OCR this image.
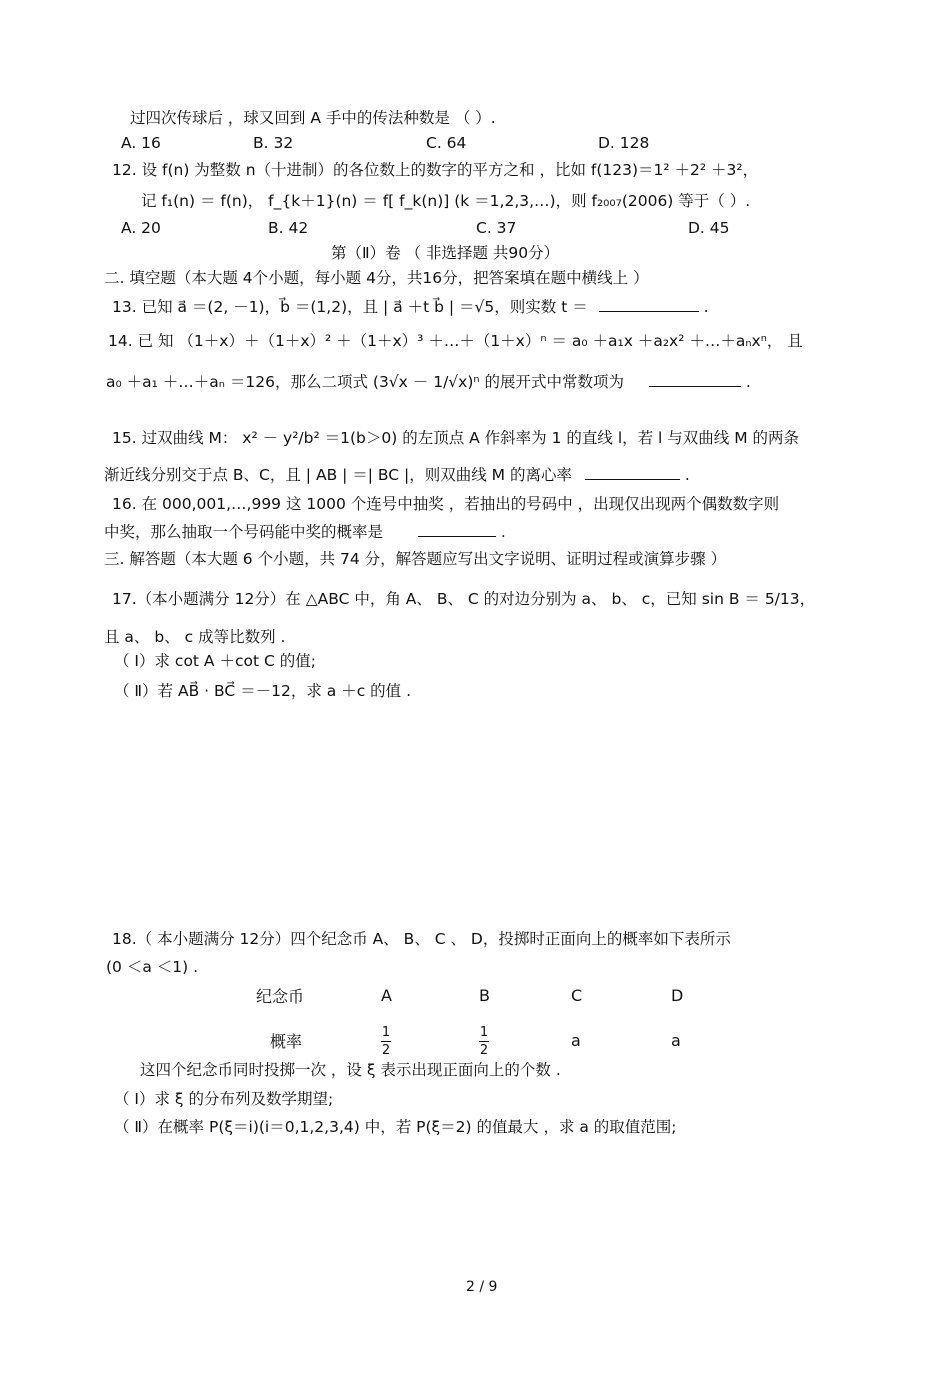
过四次传球后 ，球又回到 A 手中的传法种数是 （ ）.
A. 16	B. 32	C. 64	D. 128
12. 设 f(n) 为整数 n（十进制）的各位数上的数字的平方之和 ，比如 f(123)＝1² ＋2² ＋3²，
记 f₁(n) ＝ f(n)， f_{k＋1}(n) ＝ f[ f_k(n)] (k ＝1,2,3,…)，则 f₂₀₀₇(2006) 等于（ ）.
A. 20	B. 42	C. 37	D. 45
第（Ⅱ）卷 （ 非选择题 共90分）
二. 填空题（本大题 4个小题，每小题 4分，共16分，把答案填在题中横线上 ）
13. 已知 a⃗ ＝(2, －1)，b⃗ ＝(1,2)，且 | a⃗ ＋t b⃗ | ＝√5，则实数 t ＝	.
14. 已 知 （1＋x）＋（1＋x）² ＋（1＋x）³ ＋…＋（1＋x）ⁿ ＝ a₀ ＋a₁x ＋a₂x² ＋…＋aₙxⁿ， 且
a₀ ＋a₁ ＋…＋aₙ ＝126，那么二项式 (3√x － 1/√x)ⁿ 的展开式中常数项为	.
15. 过双曲线 M： x² － y²/b² ＝1(b＞0) 的左顶点 A 作斜率为 1 的直线 l，若 l 与双曲线 M 的两条
渐近线分别交于点 B、C，且 | AB | ＝| BC |，则双曲线 M 的离心率	.
16. 在 000,001,…,999 这 1000 个连号中抽奖 ，若抽出的号码中 ，出现仅出现两个偶数数字则
中奖，那么抽取一个号码能中奖的概率是	.
三. 解答题（本大题 6 个小题，共 74 分，解答题应写出文字说明、证明过程或演算步骤 ）
17.（本小题满分 12分）在 △ABC 中，角 A、 B、 C 的对边分别为 a、 b、 c，已知 sin B ＝ 5/13，
且 a、 b、 c 成等比数列 .
（ Ⅰ）求 cot A ＋cot C 的值;
（ Ⅱ）若 AB⃗ · BC⃗ ＝－12，求 a ＋c 的值 .
18.（ 本小题满分 12分）四个纪念币 A、 B、 C 、 D，投掷时正面向上的概率如下表所示
(0 ＜a ＜1) .
纪念币	A	B	C	D
概率	$\frac{1}{2}$	$\frac{1}{2}$	a	a
这四个纪念币同时投掷一次 ，设 ξ 表示出现正面向上的个数 .
（ Ⅰ）求 ξ 的分布列及数学期望;
（ Ⅱ）在概率 P(ξ＝i)(i＝0,1,2,3,4) 中，若 P(ξ＝2) 的值最大 ，求 a 的取值范围;
2 / 9
